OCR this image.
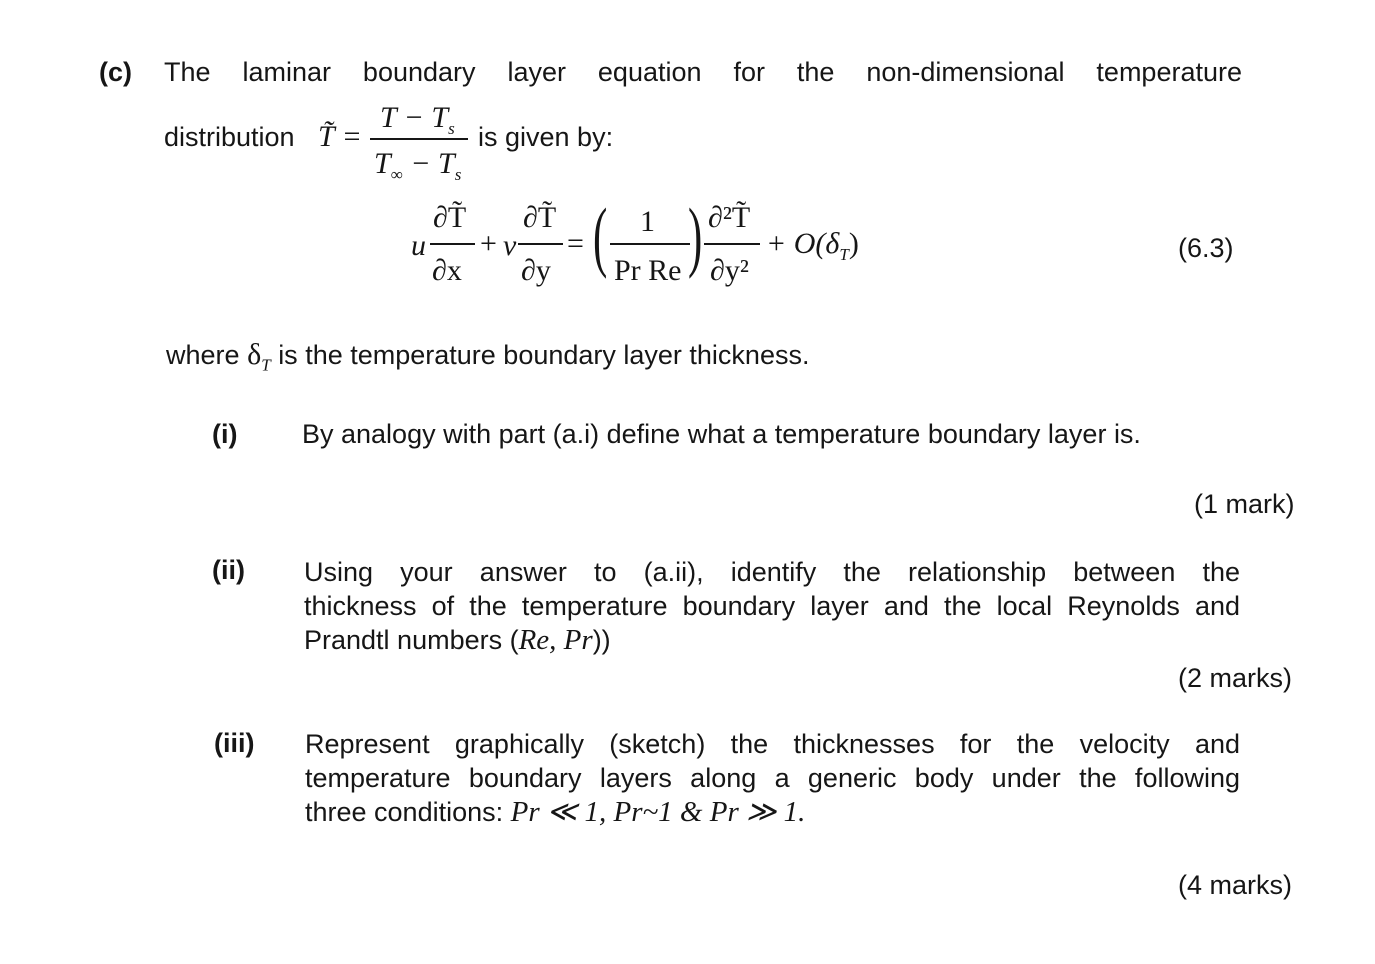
(c) The laminar boundary layer equation for the non-dimensional temperature
distribution T̃ =
$T - T_s$
$T_\infty - T_s$
is given by:
u
∂T̃
∂x
+ v
∂T̃
∂y
= ( 1
Pr Re ) ∂²T̃
∂y²
+ $O(\delta_T)$	(6.3)
where $\delta_T$ is the temperature boundary layer thickness.
(i) By analogy with part (a.i) define what a temperature boundary layer is.
(1 mark)
(ii) Using your answer to (a.ii), identify the relationship between the
thickness of the temperature boundary layer and the local Reynolds and
Prandtl numbers (Re, Pr))
(2 marks)
(iii) Represent graphically (sketch) the thicknesses for the velocity and
temperature boundary layers along a generic body under the following
three conditions: Pr ≪ 1, Pr~1 & Pr ≫ 1.
(4 marks)
